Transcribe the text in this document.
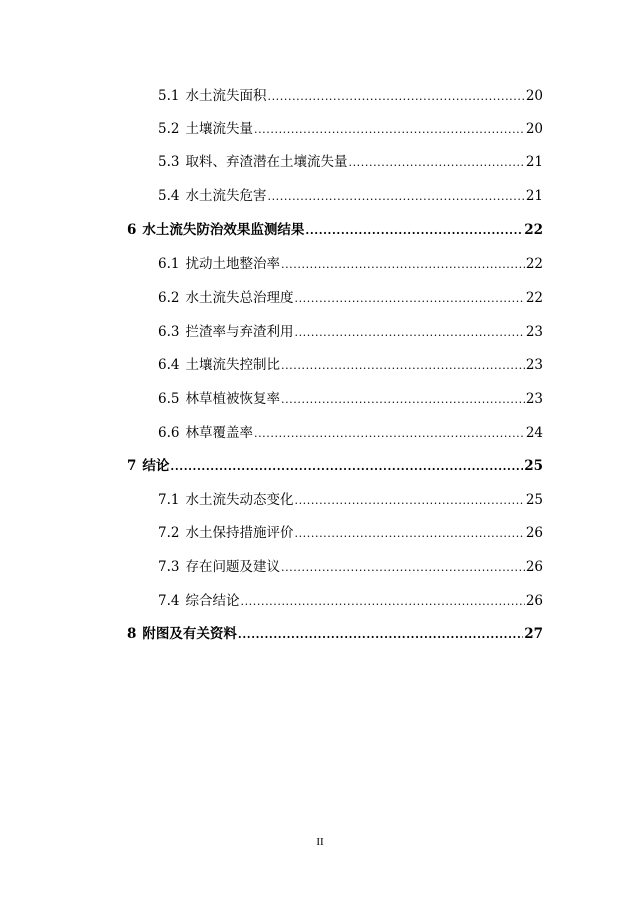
5.1 水土流失面积 .....	20
5.2 土壤流失量 .....	20
5.3 取料、弃渣潜在土壤流失量 .....	21
5.4 水土流失危害 .....	21
6 水土流失防治效果监测结果 .....	22
6.1 扰动土地整治率 .....	22
6.2 水土流失总治理度 .....	22
6.3 拦渣率与弃渣利用 .....	23
6.4 土壤流失控制比 .....	23
6.5 林草植被恢复率 .....	23
6.6 林草覆盖率 .....	24
7 结论 .....	25
7.1 水土流失动态变化 .....	25
7.2 水土保持措施评价 .....	26
7.3 存在问题及建议 .....	26
7.4 综合结论 .....	26
8 附图及有关资料 .....	27
II
